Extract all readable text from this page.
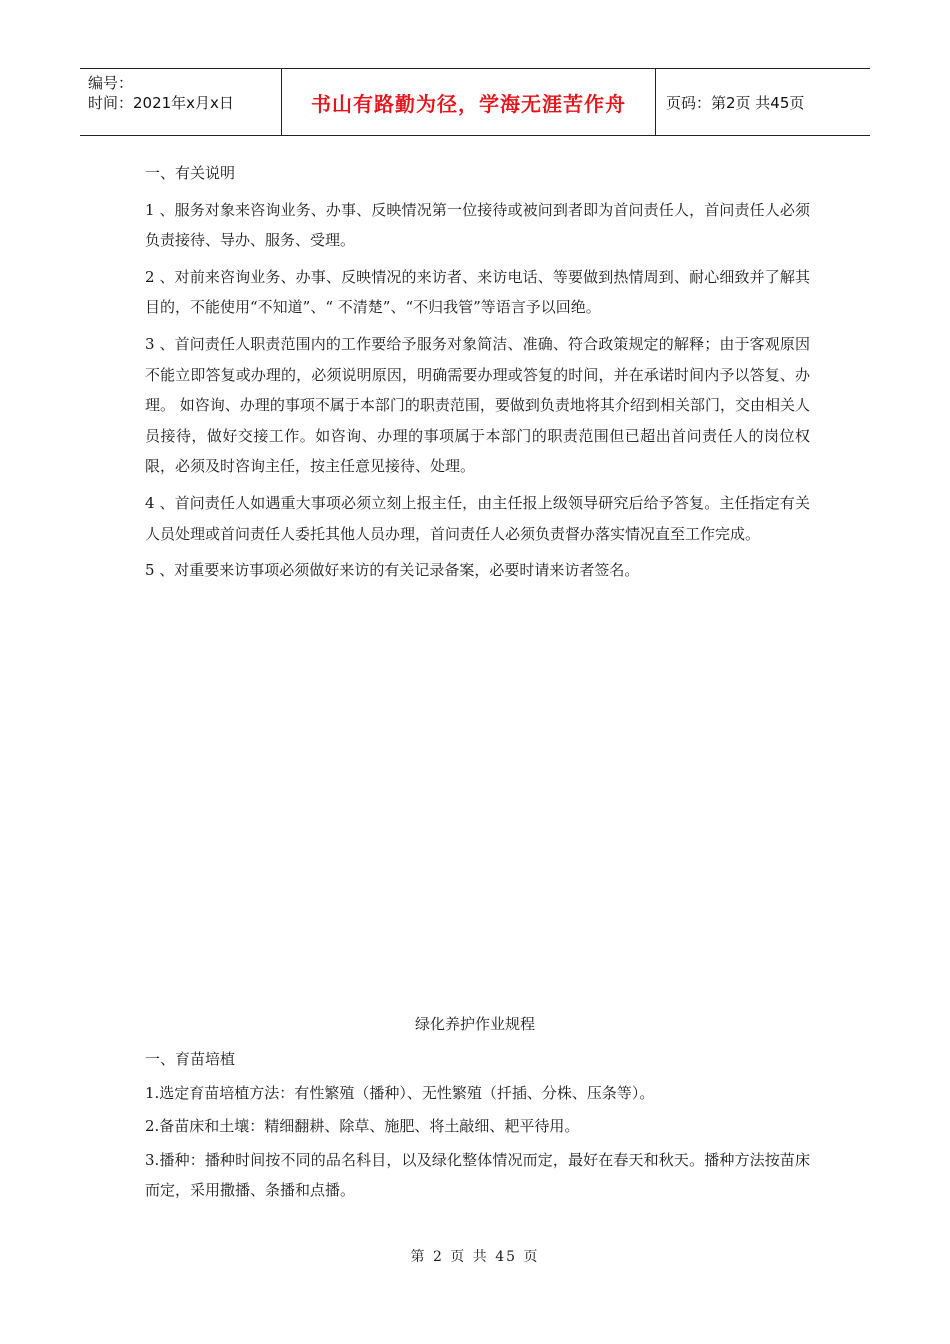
编号：
时间：2021年x月x日	书山有路勤为径，学海无涯苦作舟	页码：第2页 共45页

一、有关说明

1 、服务对象来咨询业务、办事、反映情况第一位接待或被问到者即为首问责任人，首问责任人必须负责接待、导办、服务、受理。

2 、对前来咨询业务、办事、反映情况的来访者、来访电话、等要做到热情周到、耐心细致并了解其目的，不能使用“不知道”、“ 不清楚”、“不归我管”等语言予以回绝。

3 、首问责任人职责范围内的工作要给予服务对象简洁、准确、符合政策规定的解释；由于客观原因不能立即答复或办理的，必须说明原因，明确需要办理或答复的时间，并在承诺时间内予以答复、办理。 如咨询、办理的事项不属于本部门的职责范围，要做到负责地将其介绍到相关部门，交由相关人员接待，做好交接工作。如咨询、办理的事项属于本部门的职责范围但已超出首问责任人的岗位权限，必须及时咨询主任，按主任意见接待、处理。

4 、首问责任人如遇重大事项必须立刻上报主任，由主任报上级领导研究后给予答复。主任指定有关人员处理或首问责任人委托其他人员办理，首问责任人必须负责督办落实情况直至工作完成。

5 、对重要来访事项必须做好来访的有关记录备案，必要时请来访者签名。

绿化养护作业规程

一、育苗培植

1.选定育苗培植方法：有性繁殖（播种）、无性繁殖（扦插、分株、压条等）。

2.备苗床和土壤：精细翻耕、除草、施肥、将土敲细、耙平待用。

3.播种：播种时间按不同的品名科目，以及绿化整体情况而定，最好在春天和秋天。播种方法按苗床而定，采用撒播、条播和点播。

第 2 页 共 45 页
